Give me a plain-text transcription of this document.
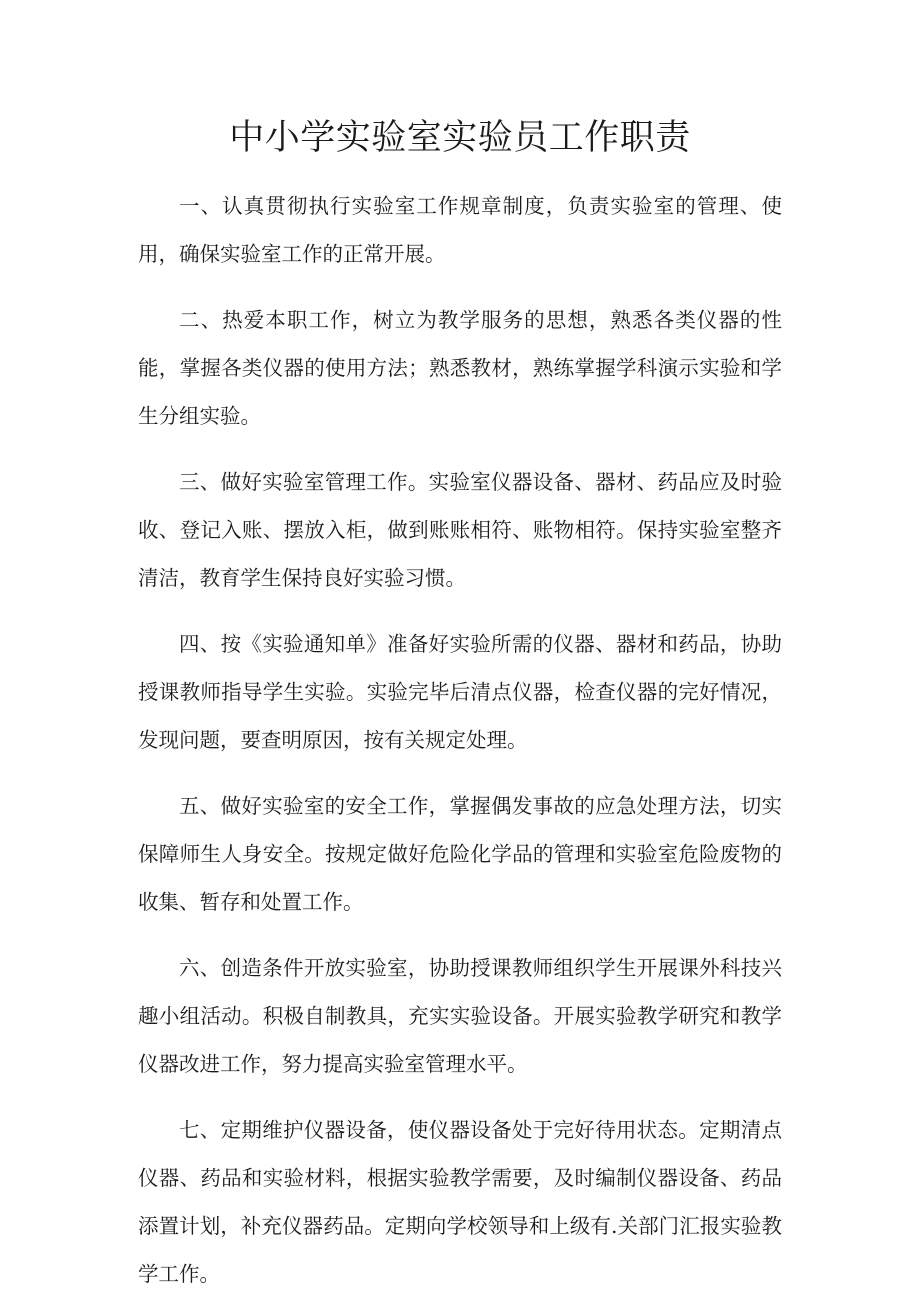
中小学实验室实验员工作职责

一、认真贯彻执行实验室工作规章制度，负责实验室的管理、使用，确保实验室工作的正常开展。

二、热爱本职工作，树立为教学服务的思想，熟悉各类仪器的性能，掌握各类仪器的使用方法；熟悉教材，熟练掌握学科演示实验和学生分组实验。

三、做好实验室管理工作。实验室仪器设备、器材、药品应及时验收、登记入账、摆放入柜，做到账账相符、账物相符。保持实验室整齐清洁，教育学生保持良好实验习惯。

四、按《实验通知单》准备好实验所需的仪器、器材和药品，协助授课教师指导学生实验。实验完毕后清点仪器，检查仪器的完好情况，发现问题，要查明原因，按有关规定处理。

五、做好实验室的安全工作，掌握偶发事故的应急处理方法，切实保障师生人身安全。按规定做好危险化学品的管理和实验室危险废物的收集、暂存和处置工作。

六、创造条件开放实验室，协助授课教师组织学生开展课外科技兴趣小组活动。积极自制教具，充实实验设备。开展实验教学研究和教学仪器改进工作，努力提高实验室管理水平。

七、定期维护仪器设备，使仪器设备处于完好待用状态。定期清点仪器、药品和实验材料，根据实验教学需要，及时编制仪器设备、药品添置计划，补充仪器药品。定期向学校领导和上级有.关部门汇报实验教学工作。
